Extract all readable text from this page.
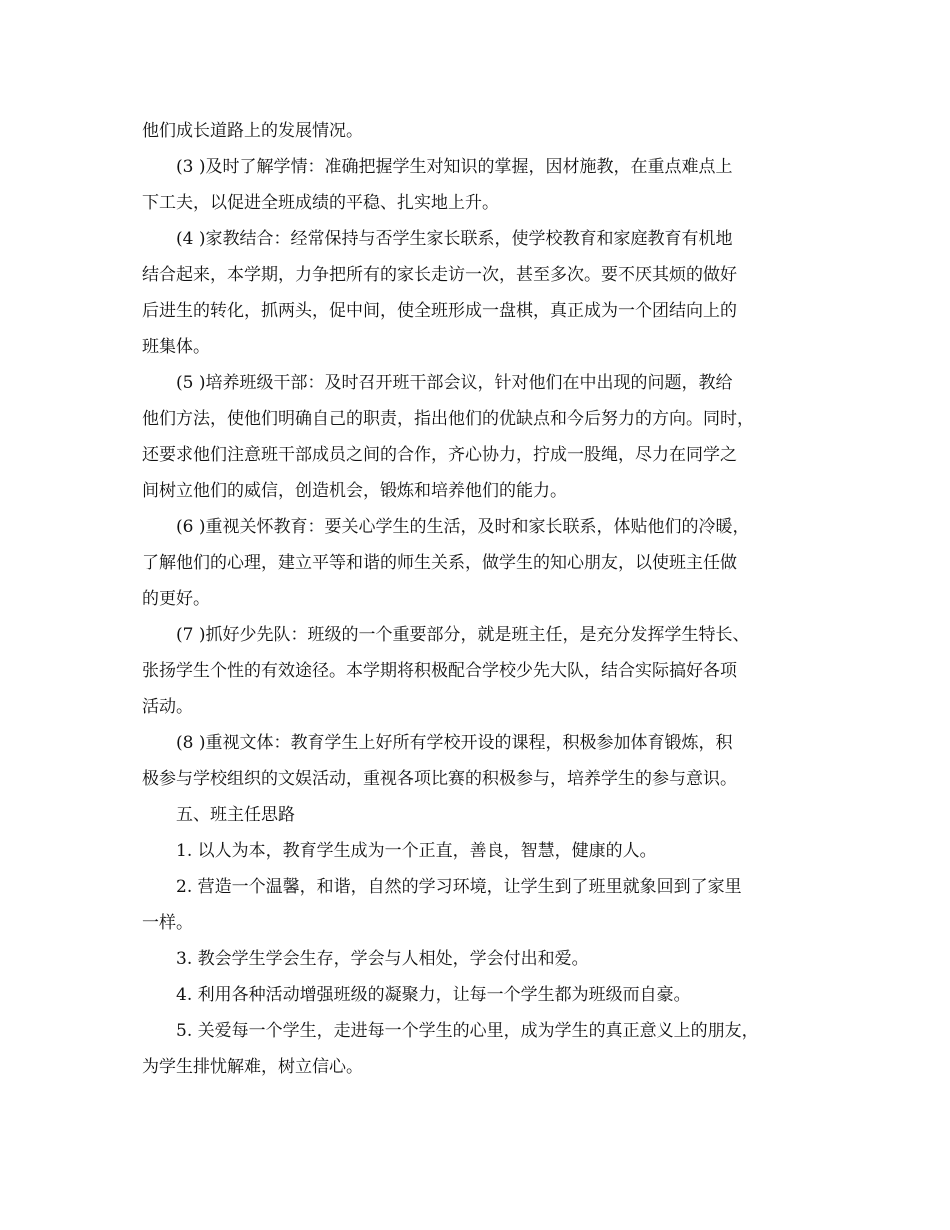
他们成长道路上的发展情况。

(3 )及时了解学情：准确把握学生对知识的掌握，因材施教，在重点难点上
下工夫，以促进全班成绩的平稳、扎实地上升。

(4 )家教结合：经常保持与否学生家长联系，使学校教育和家庭教育有机地
结合起来，本学期，力争把所有的家长走访一次，甚至多次。要不厌其烦的做好
后进生的转化，抓两头，促中间，使全班形成一盘棋，真正成为一个团结向上的
班集体。

(5 )培养班级干部：及时召开班干部会议，针对他们在中出现的问题，教给
他们方法，使他们明确自己的职责，指出他们的优缺点和今后努力的方向。同时，
还要求他们注意班干部成员之间的合作，齐心协力，拧成一股绳，尽力在同学之
间树立他们的威信，创造机会，锻炼和培养他们的能力。

(6 )重视关怀教育：要关心学生的生活，及时和家长联系，体贴他们的冷暖，
了解他们的心理，建立平等和谐的师生关系，做学生的知心朋友，以使班主任做
的更好。

(7 )抓好少先队：班级的一个重要部分，就是班主任，是充分发挥学生特长、
张扬学生个性的有效途径。本学期将积极配合学校少先大队，结合实际搞好各项
活动。

(8 )重视文体：教育学生上好所有学校开设的课程，积极参加体育锻炼，积
极参与学校组织的文娱活动，重视各项比赛的积极参与，培养学生的参与意识。

五、班主任思路

1. 以人为本，教育学生成为一个正直，善良，智慧，健康的人。

2. 营造一个温馨，和谐，自然的学习环境，让学生到了班里就象回到了家里
一样。

3. 教会学生学会生存，学会与人相处，学会付出和爱。

4. 利用各种活动增强班级的凝聚力，让每一个学生都为班级而自豪。

5. 关爱每一个学生，走进每一个学生的心里，成为学生的真正意义上的朋友，
为学生排忧解难，树立信心。
